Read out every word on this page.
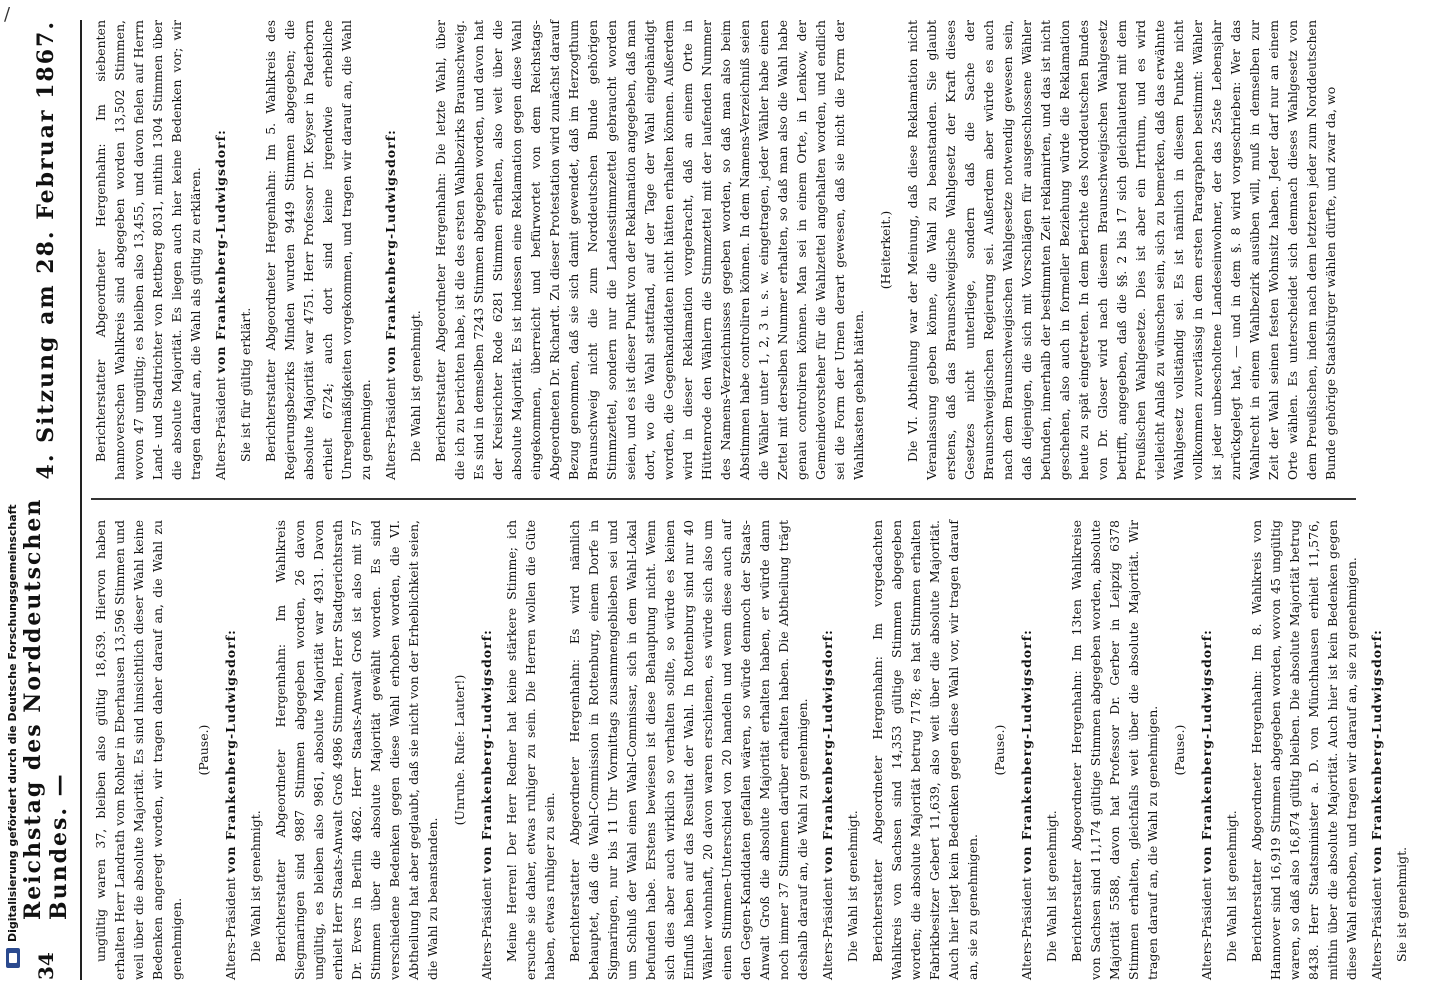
/
34
Reichstag des Norddeutschen Bundes. —
4. Sitzung am 28. Februar 1867.

ungültig waren 37, bleiben also gültig 18,639. Hiervon haben erhalten Herr Landrath vom Rohler in Eberhausen 13,596 Stimmen und weil über die absolute Majorität. Es sind hinsichtlich dieser Wahl keine Bedenken angeregt worden, wir tragen daher darauf an, die Wahl zu genehmigen.

(Pause.)

Alters-Präsident von Frankenberg-Ludwigsdorf:

Die Wahl ist genehmigt. Berichterstatter Abgeordneter Hergenhahn: Im Wahlkreis Siegmaringen sind 9887 Stimmen abgegeben worden, 26 davon ungültig, es bleiben also 9861, absolute Majorität war 4931. Davon erhielt Herr Staats-Anwalt Groß 4986 Stimmen, Herr Stadtgerichtsrath Dr. Evers in Berlin 4862. Herr Staats-Anwalt Groß ist also mit 57 Stimmen über die absolute Majorität gewählt worden. Es sind verschiedene Bedenken gegen diese Wahl erhoben worden, die VI. Abtheilung hat aber geglaubt, daß sie nicht von der Erheblichkeit seien, die Wahl zu beanstanden.

(Unruhe. Rufe: Lauter!)

Alters-Präsident von Frankenberg-Ludwigsdorf: Meine Herren! Der Herr Redner hat keine stärkere Stimme; ich ersuche sie daher, etwas ruhiger zu sein. Die Herren wollen die Güte haben, etwas ruhiger zu sein. Berichterstatter Abgeordneter Hergenhahn: Es wird nämlich behauptet, daß die Wahl-Commission in Rottenburg, einem Dorfe in Sigmaringen, nur bis 11 Uhr Vormittags zusammengeblieben sei und um Schluß der Wahl einen Wahl-Commissar, sich in dem Wahl-Lokal befunden habe. Erstens bewiesen ist diese Behauptung nicht. Wenn sich dies aber auch wirklich so verhalten sollte, so würde es keinen Einfluß haben auf das Resultat der Wahl. In Rottenburg sind nur 40 Wähler wohnhaft, 20 davon waren erschienen, es würde sich also um einen Stimmen-Unterschied von 20 handeln und wenn diese auch auf den Gegen-Kandidaten gefallen wären, so würde dennoch der Staats-Anwalt Groß die absolute Majorität erhalten haben, er würde dann noch immer 37 Stimmen darüber erhalten haben. Die Abtheilung trägt deshalb darauf an, die Wahl zu genehmigen. Alters-Präsident von Frankenberg-Ludwigsdorf:

Die Wahl ist genehmigt. Berichterstatter Abgeordneter Hergenhahn: Im vorgedachten Wahlkreis von Sachsen sind 14,353 gültige Stimmen abgegeben worden; die absolute Majorität betrug 7178; es hat Stimmen erhalten Fabrikbesitzer Gebert 11,639, also weit über die absolute Majorität. Auch hier liegt kein Bedenken gegen diese Wahl vor, wir tragen darauf an, sie zu genehmigen.

(Pause.)

Alters-Präsident von Frankenberg-Ludwigsdorf:

Die Wahl ist genehmigt. Berichterstatter Abgeordneter Hergenhahn: Im 13ten Wahlkreise von Sachsen sind 11,174 gültige Stimmen abgegeben worden, absolute Majorität 5588, davon hat Professor Dr. Gerber in Leipzig 6378 Stimmen erhalten, gleichfalls weit über die absolute Majorität. Wir tragen darauf an, die Wahl zu genehmigen. (Pause.)

Alters-Präsident von Frankenberg-Ludwigsdorf:

Die Wahl ist genehmigt. Berichterstatter Abgeordneter Hergenhahn: Im 8. Wahlkreis von Hannover sind 16,919 Stimmen abgegeben worden, wovon 45 ungültig waren, so daß also 16,874 gültig bleiben. Die absolute Majorität betrug 8438. Herr Staatsminister a. D. von Münchhausen erhielt 11,576, mithin über die absolute Majorität. Auch hier ist kein Bedenken gegen diese Wahl erhoben, und tragen wir darauf an, sie zu genehmigen. Alters-Präsident von Frankenberg-Ludwigsdorf:

Sie ist genehmigt.

Berichterstatter Abgeordneter Hergenhahn: Im siebenten hannoverschen Wahlkreis sind abgegeben worden 13,502 Stimmen, wovon 47 ungültig; es bleiben also 13,455, und davon fielen auf Herrn Land- und Stadtrichter von Rettberg 8031, mithin 1304 Stimmen über die absolute Majorität. Es liegen auch hier keine Bedenken vor; wir tragen darauf an, die Wahl als gültig zu erklären. Alters-Präsident von Frankenberg-Ludwigsdorf:

Sie ist für gültig erklärt. Berichterstatter Abgeordneter Hergenhahn: Im 5. Wahlkreis des Regierungsbezirks Minden wurden 9449 Stimmen abgegeben; die absolute Majorität war 4751. Herr Professor Dr. Keyser in Paderborn erhielt 6724; auch dort sind keine irgendwie erhebliche Unregelmäßigkeiten vorgekommen, und tragen wir darauf an, die Wahl zu genehmigen. Alters-Präsident von Frankenberg-Ludwigsdorf:

Die Wahl ist genehmigt. Berichterstatter Abgeordneter Hergenhahn: Die letzte Wahl, über die ich zu berichten habe, ist die des ersten Wahlbezirks Braunschweig. Es sind in demselben 7243 Stimmen abgegeben worden, und davon hat der Kreisrichter Rode 6281 Stimmen erhalten, also weit über die absolute Majorität. Es ist indessen eine Reklamation gegen diese Wahl eingekommen, überreicht und befürwortet von dem Reichstags-Abgeordneten Dr. Richardt. Zu dieser Protestation wird zunächst darauf Bezug genommen, daß sie sich damit gewendet, daß im Herzogthum Braunschweig nicht die zum Norddeutschen Bunde gehörigen Stimmzettel, sondern nur die Landesstimmzettel gebraucht worden seien, und es ist dieser Punkt von der Reklamation angegeben, daß man dort, wo die Wahl stattfand, auf der Tage der Wahl eingehändigt worden, die Gegenkandidaten nicht hätten erhalten können. Außerdem wird in dieser Reklamation vorgebracht, daß an einem Orte in Hüttenrode den Wählern die Stimmzettel mit der laufenden Nummer des Namens-Verzeichnisses gegeben worden, so daß man also beim Abstimmen habe controliren können. In dem Namens-Verzeichniß seien die Wähler unter 1, 2, 3 u. s. w. eingetragen, jeder Wähler habe einen Zettel mit derselben Nummer erhalten, so daß man also die Wahl habe genau controliren können. Man sei in einem Orte, in Lenkow, der Gemeindevorsteher für die Wahlzettel angehalten worden, und endlich sei die Form der Urnen derart gewesen, daß sie nicht die Form der Wahlkasten gehabt hätten.

(Heiterkeit.) Die VI. Abtheilung war der Meinung, daß diese Reklamation nicht Veranlassung geben könne, die Wahl zu beanstanden. Sie glaubt erstens, daß das Braunschweigische Wahlgesetz der Kraft dieses Gesetzes nicht unterliege, sondern daß die Sache der Braunschweigischen Regierung sei. Außerdem aber würde es auch nach dem Braunschweigischen Wahlgesetze notwendig gewesen sein, daß diejenigen, die sich mit Vorschlägen für ausgeschlossene Wähler befunden, innerhalb der bestimmten Zeit reklamirten, und das ist nicht geschehen, also auch in formeller Beziehung würde die Reklamation heute zu spät eingetreten. In dem Berichte des Norddeutschen Bundes von Dr. Gloser wird nach diesem Braunschweigischen Wahlgesetz betrifft, angegeben, daß die §§. 2 bis 17 sich gleichlautend mit dem Preußischen Wahlgesetze. Dies ist aber ein Irrthum, und es wird vielleicht Anlaß zu wünschen sein, sich zu bemerken, daß das erwähnte Wahlgesetz vollständig sei. Es ist nämlich in diesem Punkte nicht vollkommen zuverlässig in dem ersten Paragraphen bestimmt: Wähler ist jeder unbescholtene Landeseinwohner, der das 25ste Lebensjahr zurückgelegt hat, — und in dem §. 8 wird vorgeschrieben: Wer das Wahlrecht in einem Wahlbezirk ausüben will, muß in demselben zur Zeit der Wahl seinen festen Wohnsitz haben. Jeder darf nur an einem Orte wählen. Es unterscheidet sich demnach dieses Wahlgesetz von dem Preußischen, indem nach dem letzteren jeder zum Norddeutschen Bunde gehörige Staatsbürger wählen dürfte, und zwar da, wo

Digitalisierung gefördert durch die Deutsche Forschungsgemeinschaft
